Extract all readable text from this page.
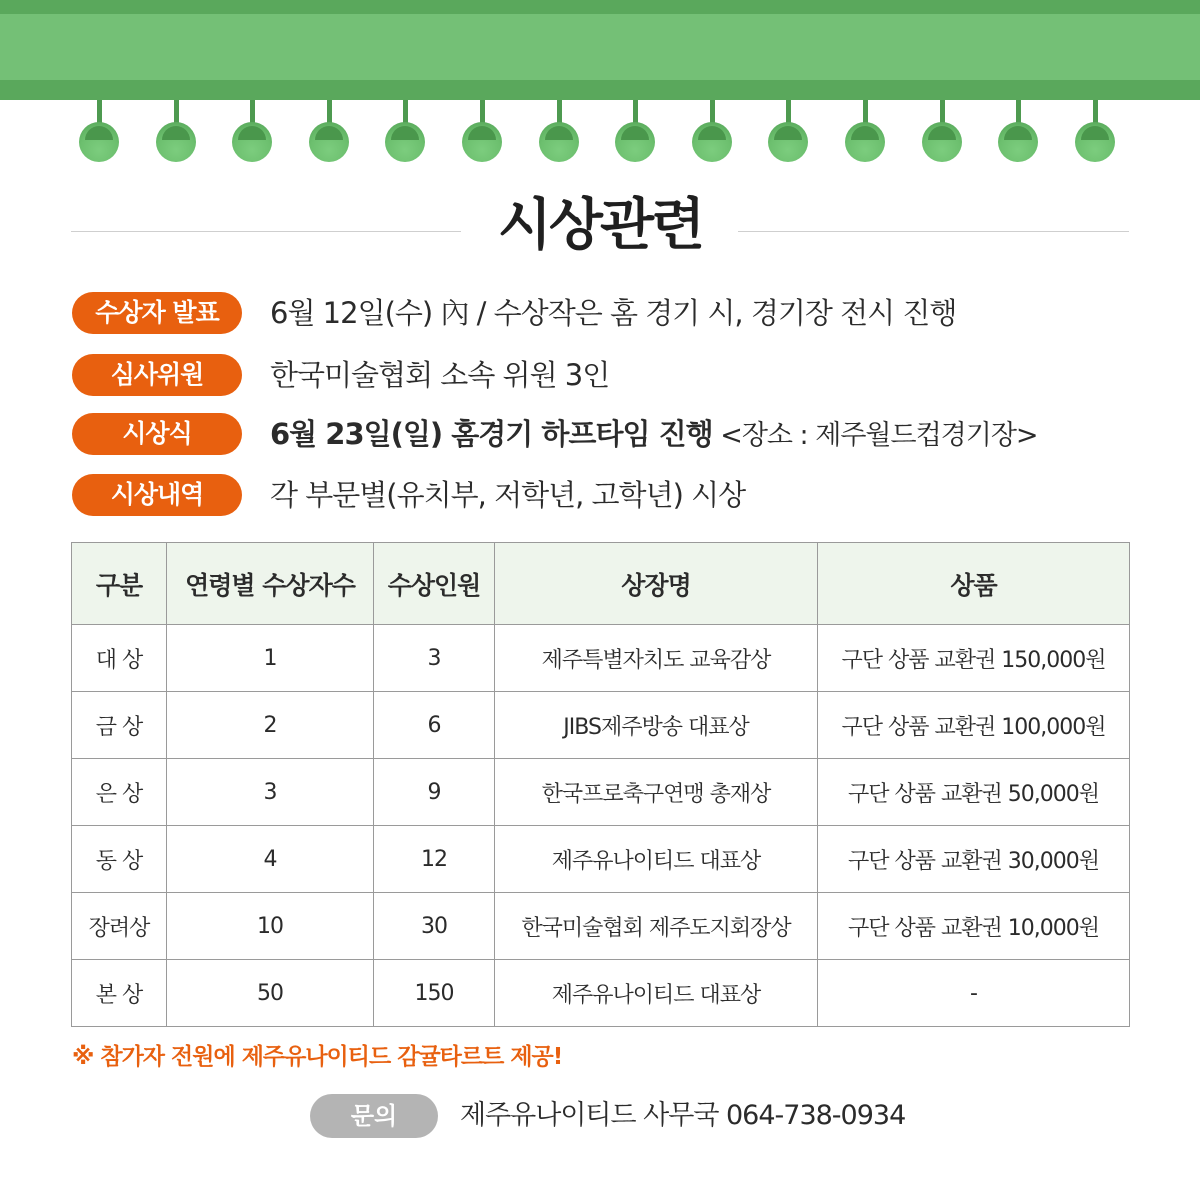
시상관련
수상자 발표	6월 12일(수) 內 / 수상작은 홈 경기 시, 경기장 전시 진행
심사위원	한국미술협회 소속 위원 3인
시상식	6월 23일(일) 홈경기 하프타임 진행 <장소 : 제주월드컵경기장>
시상내역	각 부문별(유치부, 저학년, 고학년) 시상
구분	연령별 수상자수	수상인원	상장명	상품
대 상	1	3	제주특별자치도 교육감상	구단 상품 교환권 150,000원
금 상	2	6	JIBS제주방송 대표상	구단 상품 교환권 100,000원
은 상	3	9	한국프로축구연맹 총재상	구단 상품 교환권 50,000원
동 상	4	12	제주유나이티드 대표상	구단 상품 교환권 30,000원
장려상	10	30	한국미술협회 제주도지회장상	구단 상품 교환권 10,000원
본 상	50	150	제주유나이티드 대표상	-
※ 참가자 전원에 제주유나이티드 감귤타르트 제공!
문의	제주유나이티드 사무국 064-738-0934
